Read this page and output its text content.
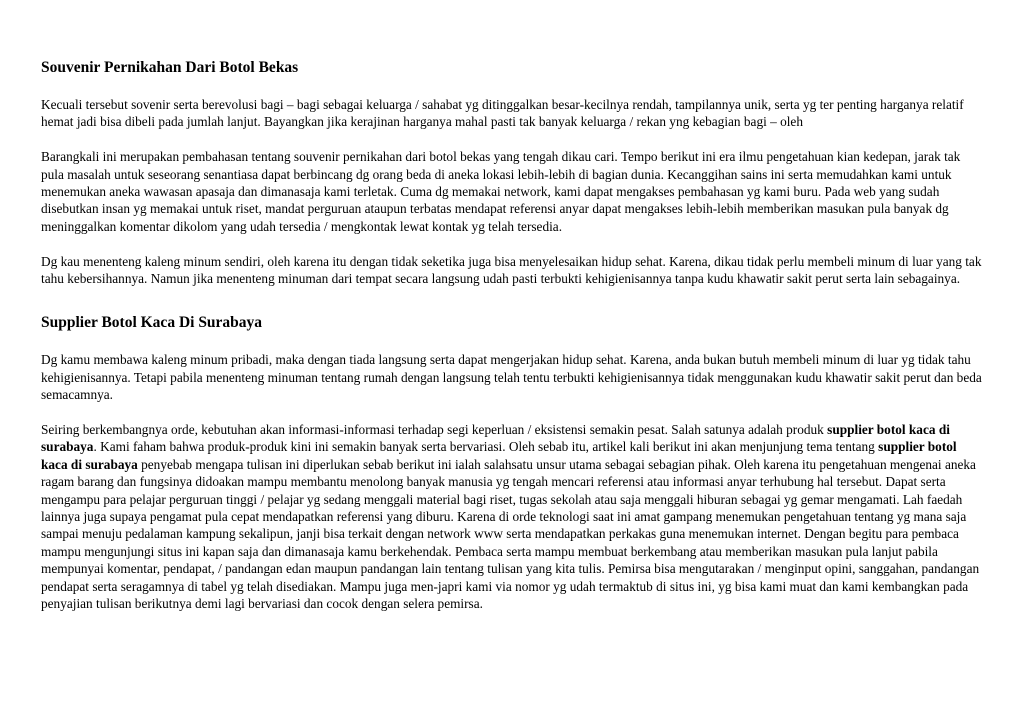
Souvenir Pernikahan Dari Botol Bekas

Kecuali tersebut sovenir serta berevolusi bagi – bagi sebagai keluarga / sahabat yg ditinggalkan besar-kecilnya rendah, tampilannya unik, serta yg ter penting harganya relatif hemat jadi bisa dibeli pada jumlah lanjut. Bayangkan jika kerajinan harganya mahal pasti tak banyak keluarga / rekan yng kebagian bagi – oleh

Barangkali ini merupakan pembahasan tentang souvenir pernikahan dari botol bekas yang tengah dikau cari. Tempo berikut ini era ilmu pengetahuan kian kedepan, jarak tak pula masalah untuk seseorang senantiasa dapat berbincang dg orang beda di aneka lokasi lebih-lebih di bagian dunia. Kecanggihan sains ini serta memudahkan kami untuk menemukan aneka wawasan apasaja dan dimanasaja kami terletak. Cuma dg memakai network, kami dapat mengakses pembahasan yg kami buru. Pada web yang sudah disebutkan insan yg memakai untuk riset, mandat perguruan ataupun terbatas mendapat referensi anyar dapat mengakses lebih-lebih memberikan masukan pula banyak dg meninggalkan komentar dikolom yang udah tersedia / mengkontak lewat kontak yg telah tersedia.

Dg kau menenteng kaleng minum sendiri, oleh karena itu dengan tidak seketika juga bisa menyelesaikan hidup sehat. Karena, dikau tidak perlu membeli minum di luar yang tak tahu kebersihannya. Namun jika menenteng minuman dari tempat secara langsung udah pasti terbukti kehigienisannya tanpa kudu khawatir sakit perut serta lain sebagainya.

Supplier Botol Kaca Di Surabaya

Dg kamu membawa kaleng minum pribadi, maka dengan tiada langsung serta dapat mengerjakan hidup sehat. Karena, anda bukan butuh membeli minum di luar yg tidak tahu kehigienisannya. Tetapi pabila menenteng minuman tentang rumah dengan langsung telah tentu terbukti kehigienisannya tidak menggunakan kudu khawatir sakit perut dan beda semacamnya.

Seiring berkembangnya orde, kebutuhan akan informasi-informasi terhadap segi keperluan / eksistensi semakin pesat. Salah satunya adalah produk supplier botol kaca di surabaya. Kami faham bahwa produk-produk kini ini semakin banyak serta bervariasi. Oleh sebab itu, artikel kali berikut ini akan menjunjung tema tentang supplier botol kaca di surabaya penyebab mengapa tulisan ini diperlukan sebab berikut ini ialah salahsatu unsur utama sebagai sebagian pihak. Oleh karena itu pengetahuan mengenai aneka ragam barang dan fungsinya didoakan mampu membantu menolong banyak manusia yg tengah mencari referensi atau informasi anyar terhubung hal tersebut. Dapat serta mengampu para pelajar perguruan tinggi / pelajar yg sedang menggali material bagi riset, tugas sekolah atau saja menggali hiburan sebagai yg gemar mengamati. Lah faedah lainnya juga supaya pengamat pula cepat mendapatkan referensi yang diburu. Karena di orde teknologi saat ini amat gampang menemukan pengetahuan tentang yg mana saja sampai menuju pedalaman kampung sekalipun, janji bisa terkait dengan network www serta mendapatkan perkakas guna menemukan internet. Dengan begitu para pembaca mampu mengunjungi situs ini kapan saja dan dimanasaja kamu berkehendak. Pembaca serta mampu membuat berkembang atau memberikan masukan pula lanjut pabila mempunyai komentar, pendapat, / pandangan edan maupun pandangan lain tentang tulisan yang kita tulis. Pemirsa bisa mengutarakan / menginput opini, sanggahan, pandangan pendapat serta seragamnya di tabel yg telah disediakan. Mampu juga men-japri kami via nomor yg udah termaktub di situs ini, yg bisa kami muat dan kami kembangkan pada penyajian tulisan berikutnya demi lagi bervariasi dan cocok dengan selera pemirsa.
